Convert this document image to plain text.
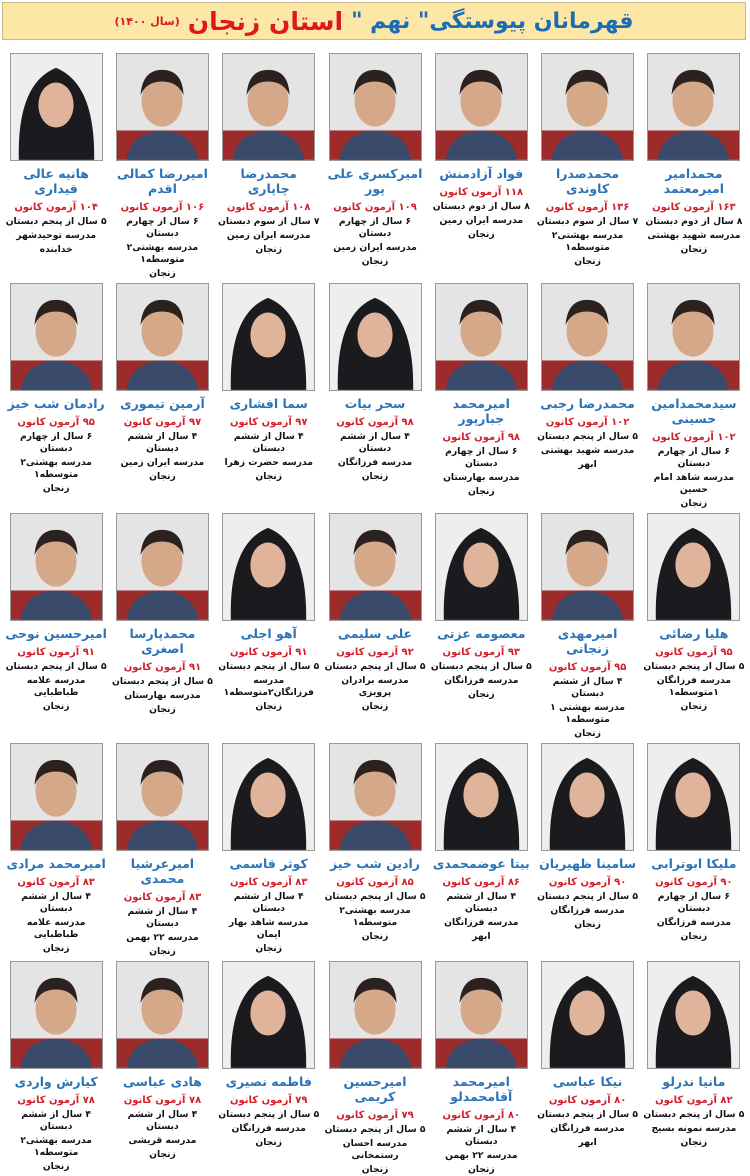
قهرمانان پیوستگی" نهم "
استان زنجان
(سال ۱۴۰۰)
محمدامیر امیرمعتمد
۱۶۳ آزمون کانون
۸ سال از دوم دبستان
مدرسه شهید بهشتی
زنجان
محمدصدرا کاوندی
۱۳۶ آزمون کانون
۷ سال از سوم دبستان
مدرسه بهشتی۲ متوسطه۱
زنجان
فواد آزادمنش
۱۱۸ آزمون کانون
۸ سال از دوم دبستان
مدرسه ایران زمین
زنجان
امیرکسری علی پور
۱۰۹ آزمون کانون
۶ سال از چهارم دبستان
مدرسه ایران زمین
زنجان
محمدرضا چاپاری
۱۰۸ آزمون کانون
۷ سال از سوم دبستان
مدرسه ایران زمین
زنجان
امیررضا کمالی اقدم
۱۰۶ آزمون کانون
۶ سال از چهارم دبستان
مدرسه بهشتی۲ متوسطه۱
زنجان
هانیه عالی قیداری
۱۰۴ آزمون کانون
۵ سال از پنجم دبستان
مدرسه توحیدشهر
خدابنده
سیدمحمدامین حسینی
۱۰۲ آزمون کانون
۶ سال از چهارم دبستان
مدرسه شاهد امام حسین
زنجان
محمدرضا رجبی
۱۰۲ آزمون کانون
۵ سال از پنجم دبستان
مدرسه شهید بهشتی
ابهر
امیرمحمد جبارپور
۹۸ آزمون کانون
۶ سال از چهارم دبستان
مدرسه بهارستان
زنجان
سحر بیات
۹۸ آزمون کانون
۴ سال از ششم دبستان
مدرسه فرزانگان
زنجان
سما افشاری
۹۷ آزمون کانون
۴ سال از ششم دبستان
مدرسه حضرت زهرا
زنجان
آرمین تیموری
۹۷ آزمون کانون
۴ سال از ششم دبستان
مدرسه ایران زمین
زنجان
رادمان شب خیز
۹۵ آزمون کانون
۶ سال از چهارم دبستان
مدرسه بهشتی۲ متوسطه۱
زنجان
هلیا رضائی
۹۵ آزمون کانون
۵ سال از پنجم دبستان
مدرسه فرزانگان ۱متوسطه۱
زنجان
امیرمهدی زنجانی
۹۵ آزمون کانون
۴ سال از ششم دبستان
مدرسه بهشتی ۱ متوسطه۱
زنجان
معصومه عزتی
۹۳ آزمون کانون
۵ سال از پنجم دبستان
مدرسه فرزانگان
زنجان
علی سلیمی
۹۲ آزمون کانون
۵ سال از پنجم دبستان
مدرسه برادران پرویزی
زنجان
آهو اجلی
۹۱ آزمون کانون
۵ سال از پنجم دبستان
مدرسه فرزانگان۲متوسطه۱
زنجان
محمدپارسا اصغری
۹۱ آزمون کانون
۵ سال از پنجم دبستان
مدرسه بهارستان
زنجان
امیرحسین نوحی
۹۱ آزمون کانون
۵ سال از پنجم دبستان
مدرسه علامه طباطبایی
زنجان
ملیکا ابوترابی
۹۰ آزمون کانون
۶ سال از چهارم دبستان
مدرسه فرزانگان
زنجان
سامینا ظهیریان
۹۰ آزمون کانون
۵ سال از پنجم دبستان
مدرسه فرزانگان
زنجان
بیتا عوضمحمدی
۸۶ آزمون کانون
۴ سال از ششم دبستان
مدرسه فرزانگان
ابهر
رادین شب خیز
۸۵ آزمون کانون
۵ سال از پنجم دبستان
مدرسه بهشتی۲ متوسطه۱
زنجان
کوثر قاسمی
۸۳ آزمون کانون
۴ سال از ششم دبستان
مدرسه شاهد بهار ایمان
زنجان
امیرعرشیا محمدی
۸۳ آزمون کانون
۴ سال از ششم دبستان
مدرسه ۲۲ بهمن
زنجان
امیرمحمد مرادی
۸۳ آزمون کانون
۴ سال از ششم دبستان
مدرسه علامه طباطبایی
زنجان
مانیا ندرلو
۸۲ آزمون کانون
۵ سال از پنجم دبستان
مدرسه نمونه بسیج
زنجان
نیکا عباسی
۸۰ آزمون کانون
۵ سال از پنجم دبستان
مدرسه فرزانگان
ابهر
امیرمحمد آقامحمدلو
۸۰ آزمون کانون
۴ سال از ششم دبستان
مدرسه ۲۲ بهمن
زنجان
امیرحسین کریمی
۷۹ آزمون کانون
۵ سال از پنجم دبستان
مدرسه احسان رستمخانی
زنجان
فاطمه نصیری
۷۹ آزمون کانون
۵ سال از پنجم دبستان
مدرسه فرزانگان
زنجان
هادی عباسی
۷۸ آزمون کانون
۴ سال از ششم دبستان
مدرسه قریشی
زنجان
کیارش واردی
۷۸ آزمون کانون
۴ سال از ششم دبستان
مدرسه بهشتی۲ متوسطه۱
زنجان
